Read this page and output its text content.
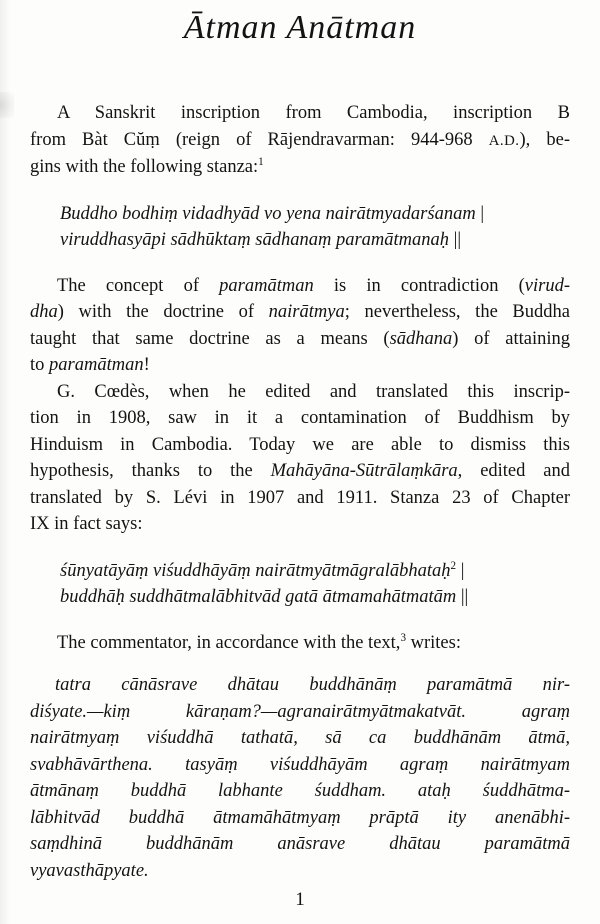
Ātman Anātman
A Sanskrit inscription from Cambodia, inscription B
from Bàt Cŭṃ (reign of Rājendravarman: 944-968 A.D.), be-
gins with the following stanza:$^1$
Buddho bodhiṃ vidadhyād vo yena nairātmyadarśanam |
viruddhasyāpi sādhūktaṃ sādhanaṃ paramātmanaḥ ||
The concept of paramātman is in contradiction (virud-
dha) with the doctrine of nairātmya; nevertheless, the Buddha
taught that same doctrine as a means (sādhana) of attaining
to paramātman!
G. Cœdès, when he edited and translated this inscrip-
tion in 1908, saw in it a contamination of Buddhism by
Hinduism in Cambodia. Today we are able to dismiss this
hypothesis, thanks to the Mahāyāna-Sūtrālaṃkāra, edited and
translated by S. Lévi in 1907 and 1911. Stanza 23 of Chapter
IX in fact says:
śūnyatāyāṃ viśuddhāyāṃ nairātmyātmāgralābhataḥ$^2$ |
buddhāḥ suddhātmalābhitvād gatā ātmamahātmatām ||
The commentator, in accordance with the text,$^3$ writes:
tatra cānāsrave dhātau buddhānāṃ paramātmā nir-
diśyate.—kiṃ kāraṇam?—agranairātmyātmakatvāt. agraṃ
nairātmyaṃ viśuddhā tathatā, sā ca buddhānām ātmā,
svabhāvārthena. tasyāṃ viśuddhāyām agraṃ nairātmyam
ātmānaṃ buddhā labhante śuddham. ataḥ śuddhātma-
lābhitvād buddhā ātmamāhātmyaṃ prāptā ity anenābhi-
saṃdhinā buddhānām anāsrave dhātau paramātmā
vyavasthāpyate.
1
